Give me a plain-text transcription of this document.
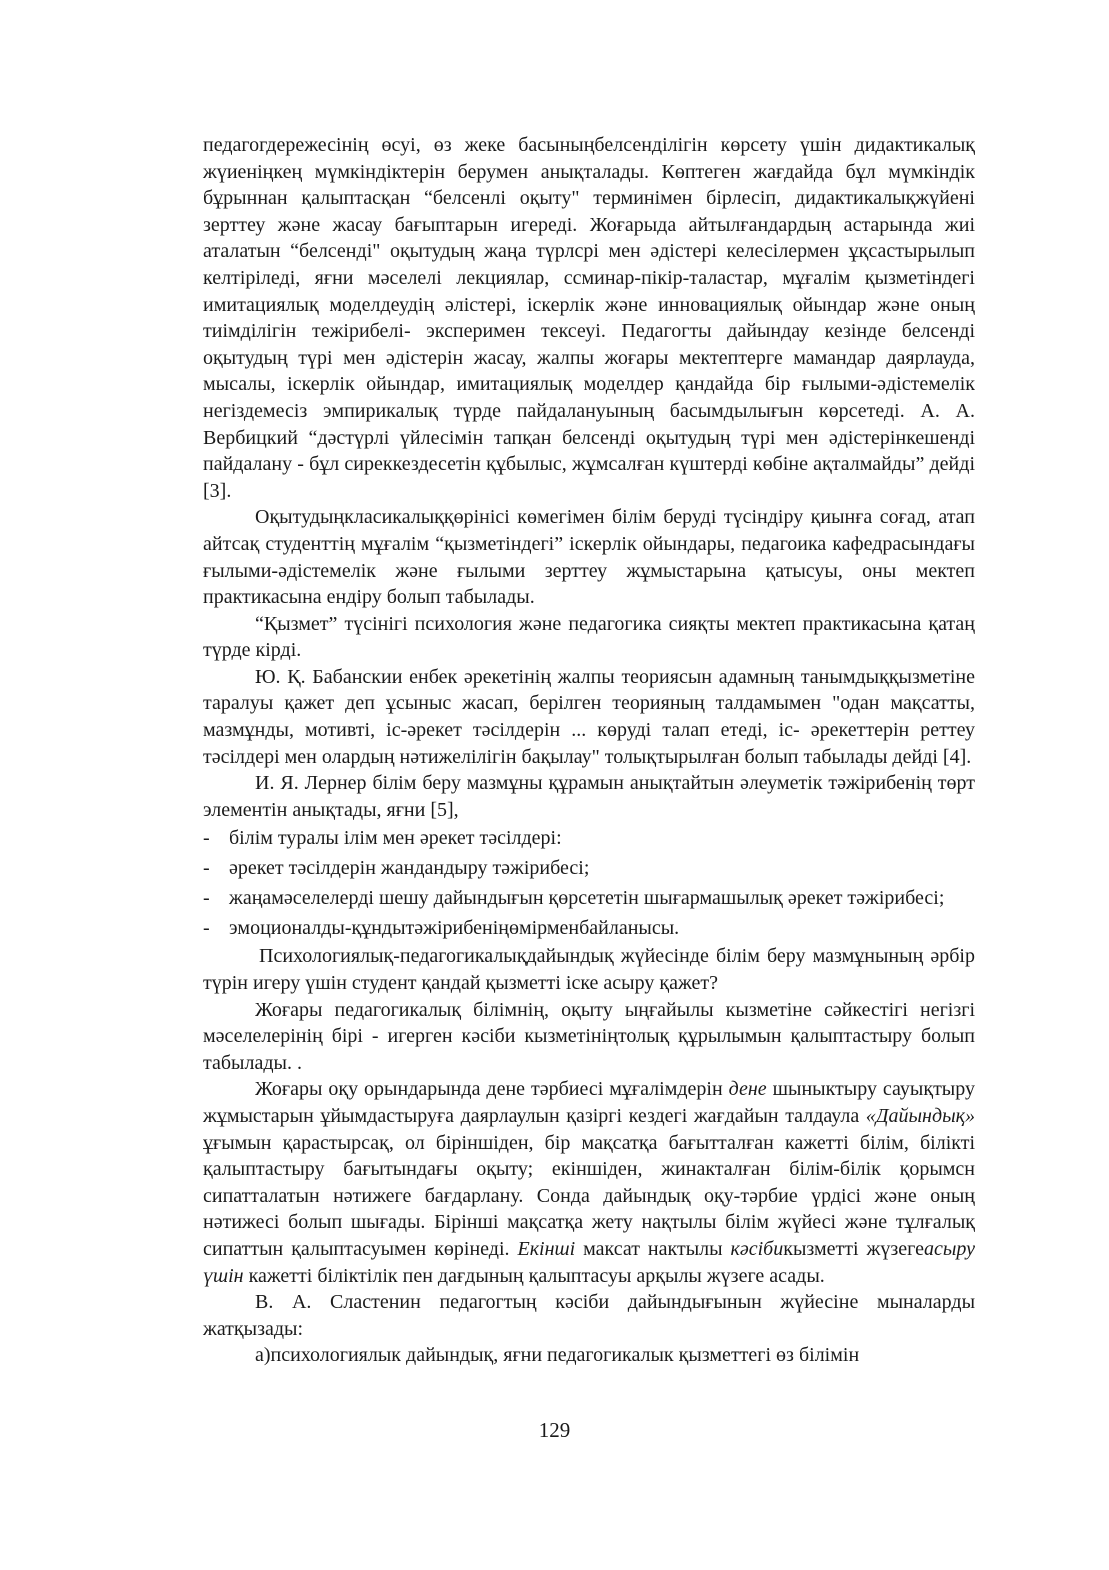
педагогдережесінің өсуі, өз жеке басыныңбелсенділігін көрсету үшін дидактикалық жүиеніңкең мүмкіндіктерін берумен анықталады. Көптеген жағдайда бұл мүмкіндік бұрыннан қалыптасқан “белсенлі оқыту" терминімен бірлесіп, дидактикалықжүйені зерттеу және жасау бағыптарын игереді. Жоғарыда айтылғандардың астарында жиі аталатын “белсенді" оқытудың жаңа түрлсрі мен әдістері келесілермен ұқсастырылып келтіріледі, яғни мәселелі лекциялар, ссминар-пікір-таластар, мұғалім қызметіндегі имитациялық моделдеудің әлістері, іскерлік және инновациялық ойындар және оның тиімділігін тежірибелі- эксперимен тексеуі. Педагогты дайындау кезінде белсенді оқытудың түрі мен әдістерін жасау, жалпы жоғары мектептерге мамандар даярлауда, мысалы, іскерлік ойындар, имитациялық моделдер қандайда бір ғылыми-әдістемелік негіздемесіз эмпирикалық түрде пайдалануының басымдылығын көрсетеді. А. А. Вербицкий “дәстүрлі үйлесімін тапқан белсенді оқытудың түрі мен әдістерінкешенді пайдалану - бұл сиреккездесетін құбылыс, жұмсалған күштерді көбіне ақталмайды” дейді [3].

Оқытудыңкласикалыққөрінісі көмегімен білім беруді түсіндіру қиынға соғад, атап айтсақ студенттің мұғалім “қызметіндегі” іскерлік ойындары, педагоика кафедрасындағы ғылыми-әдістемелік және ғылыми зерттеу жұмыстарына қатысуы, оны мектеп практикасына ендіру болып табылады.

“Қызмет” түсінігі психология және педагогика сияқты мектеп практикасына қатаң түрде кірді.

Ю. Қ. Бабанскии енбек әрекетінің жалпы теориясын адамның танымдыққызметіне таралуы қажет деп ұсыныс жасап, берілген теорияның талдамымен "одан мақсатты, мазмұнды, мотивті, іс-әрекет тәсілдерін ... көруді талап етеді, іс- әрекеттерін реттеу тәсілдері мен олардың нәтижелілігін бақылау" толықтырылған болып табылады дейді [4].

И. Я. Лернер білім беру мазмұны құрамын анықтайтын әлеуметік тәжірибенің төрт элементін анықтады, яғни [5],

- білім туралы ілім мен әрекет тәсілдері:

- әрекет тәсілдерін жандандыру тәжірибесі;

- жаңамәселелерді шешу дайындығын қөрсететін шығармашылық әрекет тәжірибесі;

- эмоционалды-құндытәжірибеніңөмірменбайланысы.

Психологиялық-педагогикалықдайындық жүйесінде білім беру мазмұнының әрбір түрін игеру үшін студент қандай қызметті іске асыру қажет?

Жоғары педагогикалық білімнің, оқыту ыңғайылы кызметіне сәйкестігі негізгі мәселелерінің бірі - игерген кәсіби кызметініңтолық құрылымын қалыптастыру болып табылады. .

Жоғары оқу орындарында дене тәрбиесі мұғалімдерін дене шыныктыру сауықтыру жұмыстарын ұйымдастыруға даярлаулын қазіргі кездегі жағдайын талдаула «Дайындық» ұғымын қарастырсақ, ол біріншіден, бір мақсатқа бағытталған кажетті білім, білікті қалыптастыру бағытындағы оқыту; екіншіден, жинакталған білім-білік қорымсн сипатталатын нәтижеге бағдарлану. Сонда дайындық оқу-тәрбие үрдісі және оның нәтижесі болып шығады. Бірінші мақсатқа жету нақтылы білім жүйесі және тұлғалық сипаттын қалыптасуымен көрінеді. Екінші максат нактылы кәсібикызметті жүзегеасыру үшін кажетті біліктілік пен дағдының қалыптасуы арқылы жүзеге асады.

В. А. Сластенин педагогтың кәсіби дайындығынын жүйесіне мыналарды жатқызады:

а)психологиялык дайындық, яғни педагогикалык қызметтегі өз білімін

129
